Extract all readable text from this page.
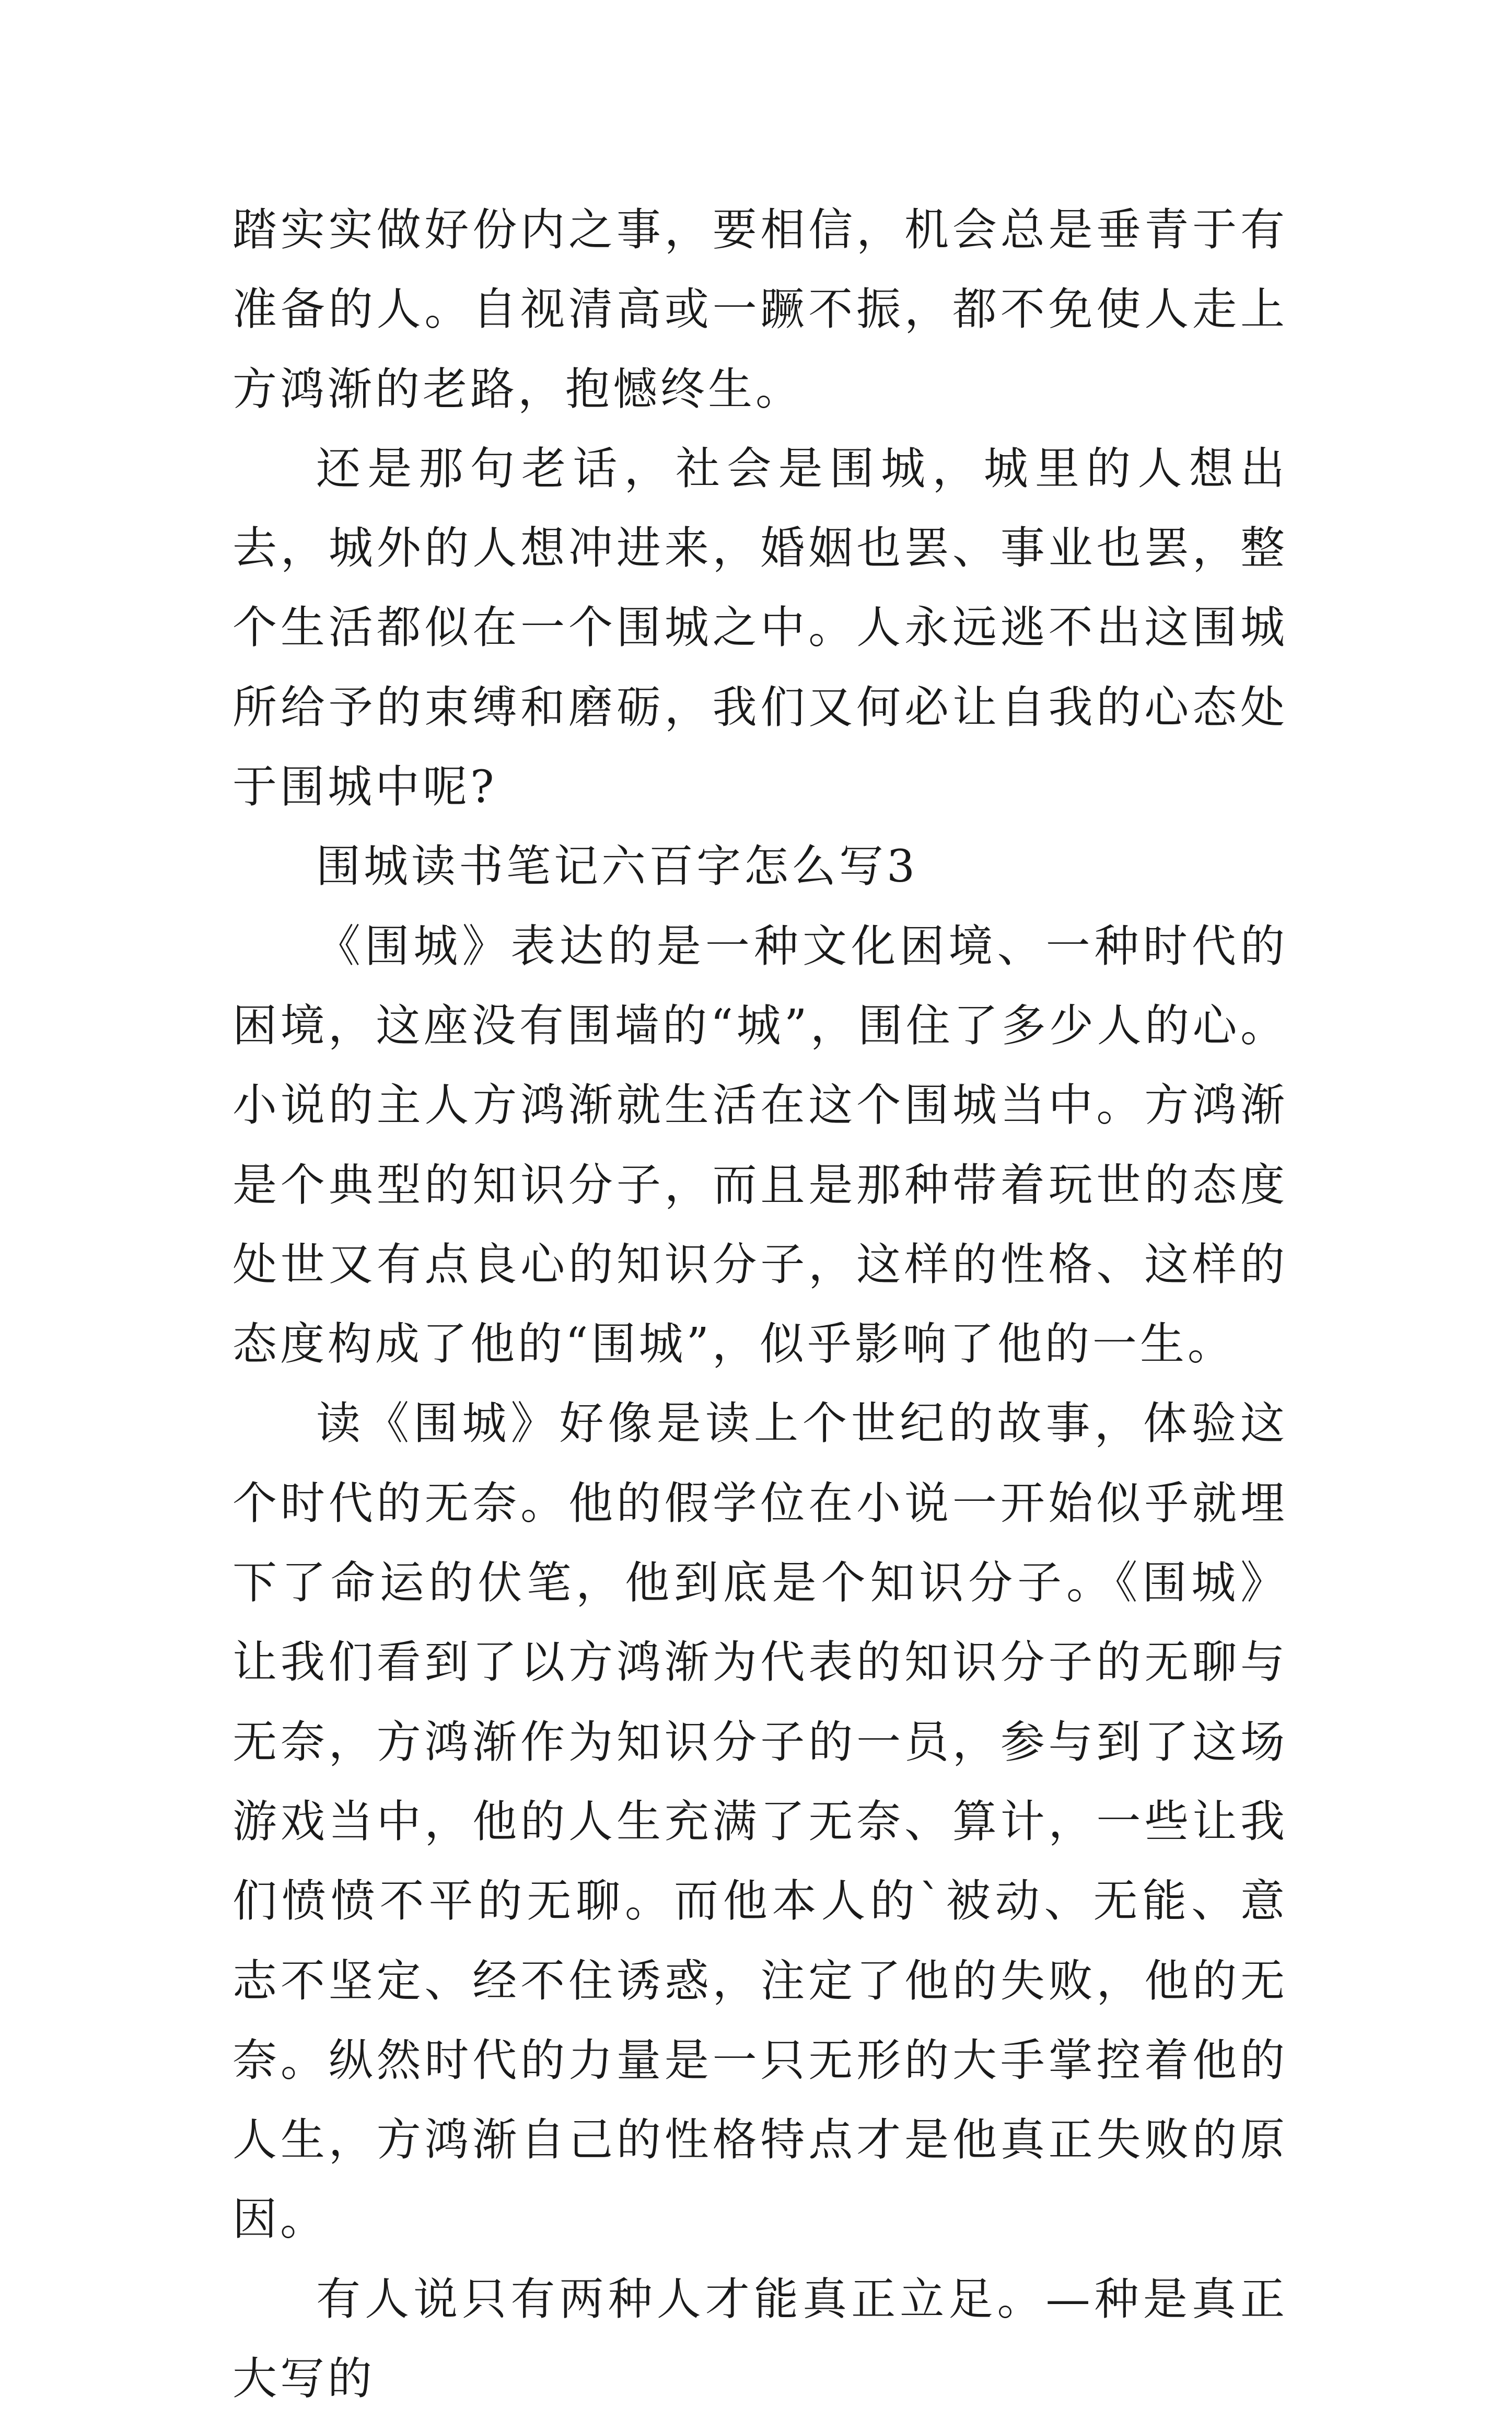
踏实实做好份内之事，要相信，机会总是垂青于有准备的人。自视清高或一蹶不振，都不免使人走上方鸿渐的老路，抱憾终生。

还是那句老话，社会是围城，城里的人想出去，城外的人想冲进来，婚姻也罢、事业也罢，整个生活都似在一个围城之中。人永远逃不出这围城所给予的束缚和磨砺，我们又何必让自我的心态处于围城中呢?

围城读书笔记六百字怎么写3

《围城》表达的是一种文化困境、一种时代的困境，这座没有围墙的“城”，围住了多少人的心。小说的主人方鸿渐就生活在这个围城当中。方鸿渐是个典型的知识分子，而且是那种带着玩世的态度处世又有点良心的知识分子，这样的性格、这样的态度构成了他的“围城”，似乎影响了他的一生。

读《围城》好像是读上个世纪的故事，体验这个时代的无奈。他的假学位在小说一开始似乎就埋下了命运的伏笔，他到底是个知识分子。《围城》让我们看到了以方鸿渐为代表的知识分子的无聊与无奈，方鸿渐作为知识分子的一员，参与到了这场游戏当中，他的人生充满了无奈、算计，一些让我们愤愤不平的无聊。而他本人的`被动、无能、意志不坚定、经不住诱惑，注定了他的失败，他的无奈。纵然时代的力量是一只无形的大手掌控着他的人生，方鸿渐自己的性格特点才是他真正失败的原因。

有人说只有两种人才能真正立足。—种是真正大写的
